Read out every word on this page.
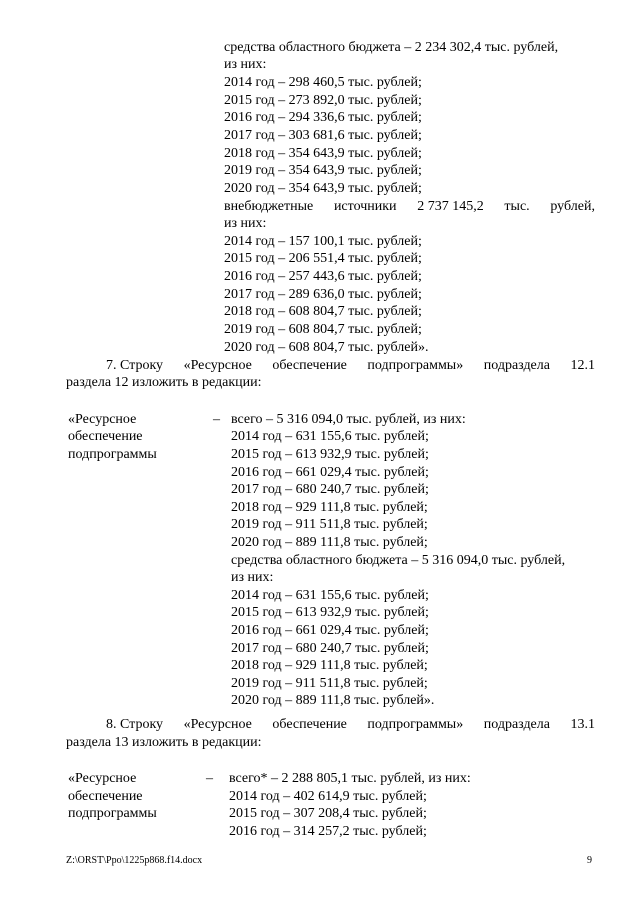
средства областного бюджета – 2 234 302,4 тыс. рублей,
из них:
2014 год – 298 460,5 тыс. рублей;
2015 год – 273 892,0 тыс. рублей;
2016 год – 294 336,6 тыс. рублей;
2017 год – 303 681,6 тыс. рублей;
2018 год – 354 643,9 тыс. рублей;
2019 год – 354 643,9 тыс. рублей;
2020 год – 354 643,9 тыс. рублей;
внебюджетные источники 2 737 145,2 тыс. рублей,
из них:
2014 год – 157 100,1 тыс. рублей;
2015 год – 206 551,4 тыс. рублей;
2016 год – 257 443,6 тыс. рублей;
2017 год – 289 636,0 тыс. рублей;
2018 год – 608 804,7 тыс. рублей;
2019 год – 608 804,7 тыс. рублей;
2020 год – 608 804,7 тыс. рублей».
7. Строку «Ресурсное обеспечение подпрограммы» подраздела 12.1
раздела 12 изложить в редакции:
«Ресурсное
обеспечение
подпрограммы
– всего – 5 316 094,0 тыс. рублей, из них:
2014 год – 631 155,6 тыс. рублей;
2015 год – 613 932,9 тыс. рублей;
2016 год – 661 029,4 тыс. рублей;
2017 год – 680 240,7 тыс. рублей;
2018 год – 929 111,8 тыс. рублей;
2019 год – 911 511,8 тыс. рублей;
2020 год – 889 111,8 тыс. рублей;
средства областного бюджета – 5 316 094,0 тыс. рублей,
из них:
2014 год – 631 155,6 тыс. рублей;
2015 год – 613 932,9 тыс. рублей;
2016 год – 661 029,4 тыс. рублей;
2017 год – 680 240,7 тыс. рублей;
2018 год – 929 111,8 тыс. рублей;
2019 год – 911 511,8 тыс. рублей;
2020 год – 889 111,8 тыс. рублей».
8. Строку «Ресурсное обеспечение подпрограммы» подраздела 13.1
раздела 13 изложить в редакции:
«Ресурсное
обеспечение
подпрограммы
– всего* – 2 288 805,1 тыс. рублей, из них:
2014 год – 402 614,9 тыс. рублей;
2015 год – 307 208,4 тыс. рублей;
2016 год – 314 257,2 тыс. рублей;
Z:\ORST\Ppo\1225p868.f14.docx	9
